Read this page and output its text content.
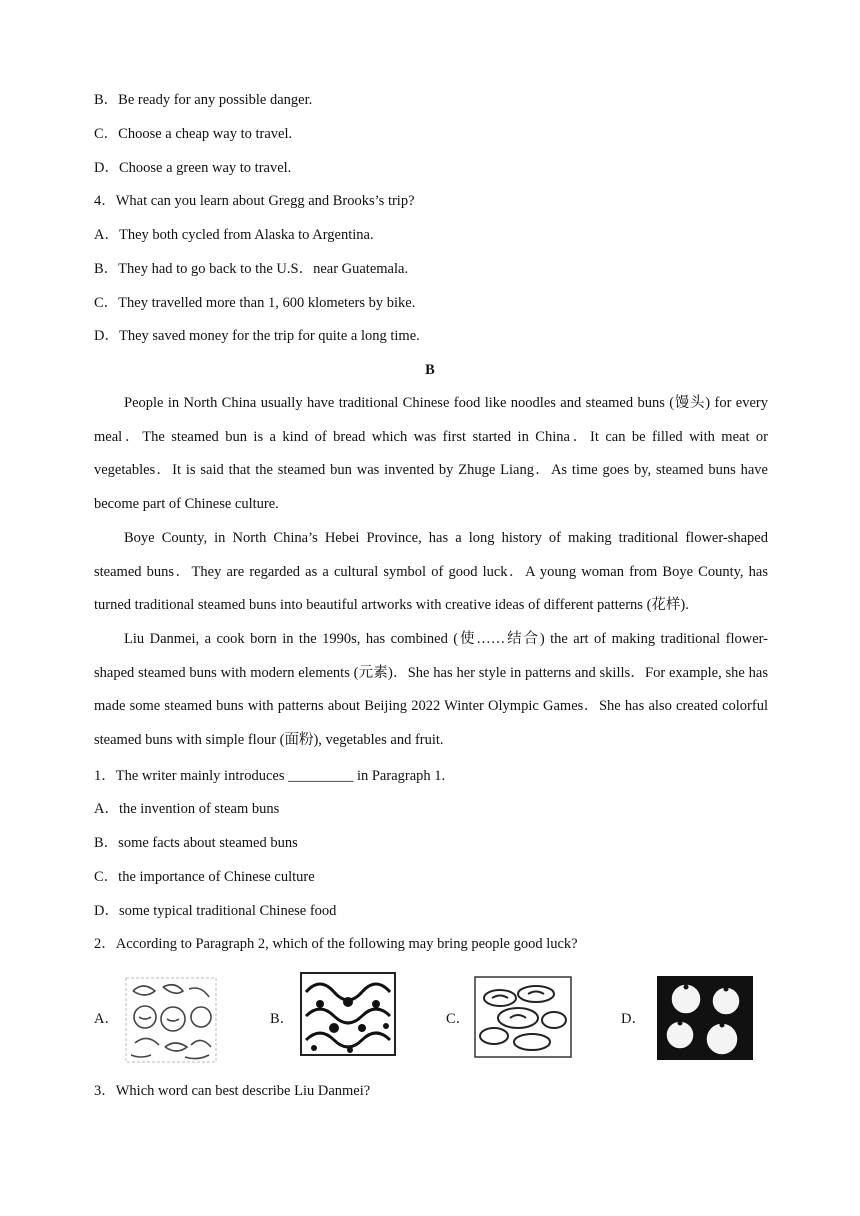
B．Be ready for any possible danger.
C．Choose a cheap way to travel.
D．Choose a green way to travel.
4．What can you learn about Gregg and Brooks’s trip?
A．They both cycled from Alaska to Argentina.
B．They had to go back to the U.S．near Guatemala.
C．They travelled more than 1, 600 klometers by bike.
D．They saved money for the trip for quite a long time.
B

People in North China usually have traditional Chinese food like noodles and steamed buns (馒头) for every meal．The steamed bun is a kind of bread which was first started in China．It can be filled with meat or vegetables．It is said that the steamed bun was invented by Zhuge Liang．As time goes by, steamed buns have become part of Chinese culture.

Boye County, in North China’s Hebei Province, has a long history of making traditional flower-shaped steamed buns．They are regarded as a cultural symbol of good luck．A young woman from Boye County, has turned traditional steamed buns into beautiful artworks with creative ideas of different patterns (花样).

Liu Danmei, a cook born in the 1990s, has combined (使……结合) the art of making traditional flower-shaped steamed buns with modern elements (元素)．She has her style in patterns and skills．For example, she has made some steamed buns with patterns about Beijing 2022 Winter Olympic Games．She has also created colorful steamed buns with simple flour (面粉), vegetables and fruit.

1．The writer mainly introduces _________ in Paragraph 1.
A．the invention of steam buns
B．some facts about steamed buns
C．the importance of Chinese culture
D．some typical traditional Chinese food
2．According to Paragraph 2, which of the following may bring people good luck?
A．	B．	C．	D．
3．Which word can best describe Liu Danmei?
